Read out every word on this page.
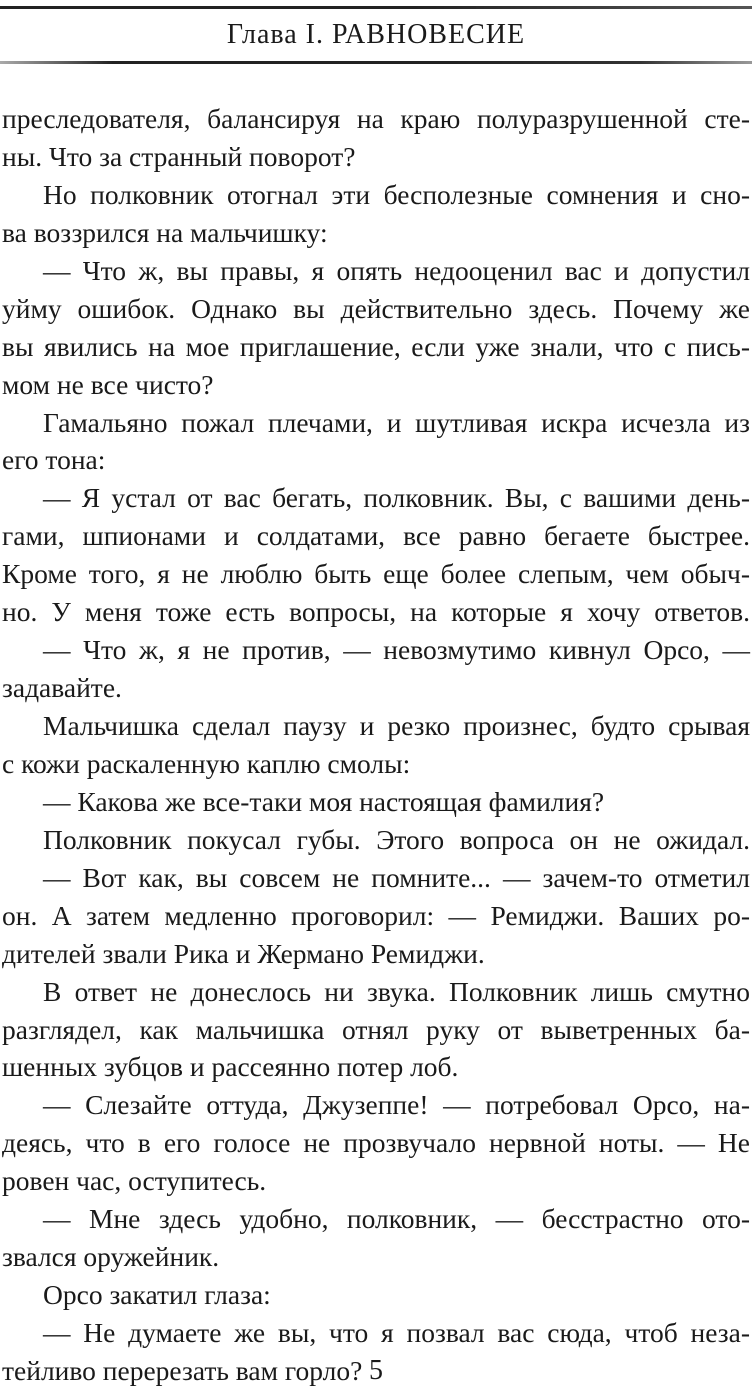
Глава I. РАВНОВЕСИЕ
преследователя, балансируя на краю полуразрушенной сте-
ны. Что за странный поворот?
Но полковник отогнал эти бесполезные сомнения и сно-
ва воззрился на мальчишку:
— Что ж, вы правы, я опять недооценил вас и допустил
уйму ошибок. Однако вы действительно здесь. Почему же
вы явились на мое приглашение, если уже знали, что с пись-
мом не все чисто?
Гамальяно пожал плечами, и шутливая искра исчезла из
его тона:
— Я устал от вас бегать, полковник. Вы, с вашими день-
гами, шпионами и солдатами, все равно бегаете быстрее.
Кроме того, я не люблю быть еще более слепым, чем обыч-
но. У меня тоже есть вопросы, на которые я хочу ответов.
— Что ж, я не против, — невозмутимо кивнул Орсо, —
задавайте.
Мальчишка сделал паузу и резко произнес, будто срывая
с кожи раскаленную каплю смолы:
— Какова же все-таки моя настоящая фамилия?
Полковник покусал губы. Этого вопроса он не ожидал.
— Вот как, вы совсем не помните... — зачем-то отметил
он. А затем медленно проговорил: — Ремиджи. Ваших ро-
дителей звали Рика и Жермано Ремиджи.
В ответ не донеслось ни звука. Полковник лишь смутно
разглядел, как мальчишка отнял руку от выветренных ба-
шенных зубцов и рассеянно потер лоб.
— Слезайте оттуда, Джузеппе! — потребовал Орсо, на-
деясь, что в его голосе не прозвучало нервной ноты. — Не
ровен час, оступитесь.
— Мне здесь удобно, полковник, — бесстрастно ото-
звался оружейник.
Орсо закатил глаза:
— Не думаете же вы, что я позвал вас сюда, чтоб неза-
тейливо перерезать вам горло? 5
